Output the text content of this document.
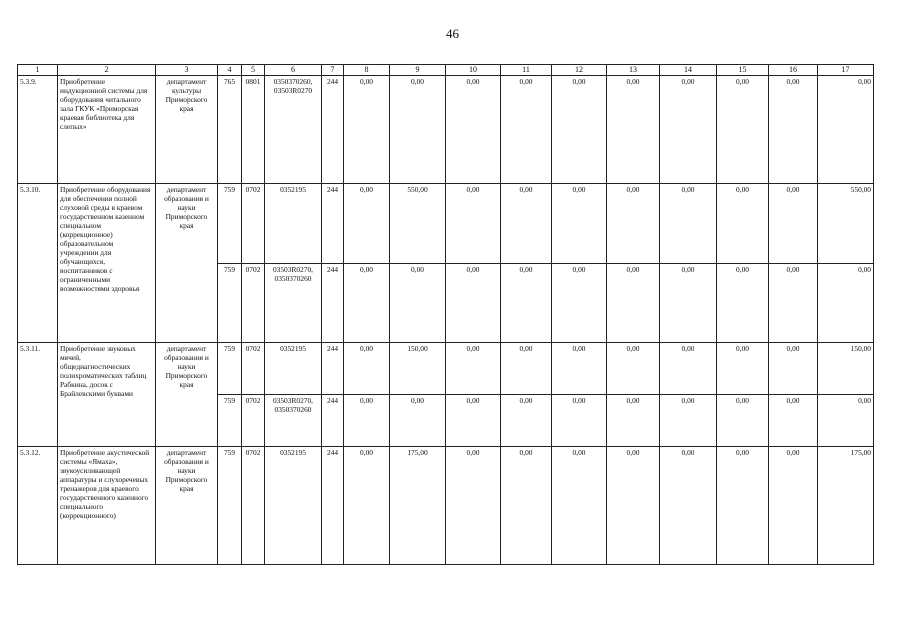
46
1	2	3	4	5	6	7	8	9	10	11	12	13	14	15	16	17
5.3.9.	Приобретение индукционной системы для оборудования читального зала ГКУК «Приморская краевая библиотека для слепых»	департамент культуры Приморского края	765	0801	0350370260, 03503R0270	244	0,00	0,00	0,00	0,00	0,00	0,00	0,00	0,00	0,00	0,00
5.3.10.	Приобретение оборудования для обеспечения полной слуховой среды в краевом государственном казенном специальном (коррекционное) образовательном учреждении для обучающихся, воспитанников с ограниченными возможностями здоровья	департамент образования и науки Приморского края	759	0702	0352195	244	0,00	550,00	0,00	0,00	0,00	0,00	0,00	0,00	0,00	550,00
			759	0702	03503R0270, 0350370260	244	0,00	0,00	0,00	0,00	0,00	0,00	0,00	0,00	0,00	0,00
5.3.11.	Приобретение звуковых мячей, общедиагностических полихроматических таблиц Рабкина, досок с Брайлевскими буквами	департамент образования и науки Приморского края	759	0702	0352195	244	0,00	150,00	0,00	0,00	0,00	0,00	0,00	0,00	0,00	150,00
			759	0702	03503R0270, 0350370260	244	0,00	0,00	0,00	0,00	0,00	0,00	0,00	0,00	0,00	0,00
5.3.12.	Приобретение акустической системы «Ямаха», звукоусиливающей аппаратуры и слухоречевых тренажеров для краевого государственного казенного специального (коррекционного)	департамент образования и науки Приморского края	759	0702	0352195	244	0,00	175,00	0,00	0,00	0,00	0,00	0,00	0,00	0,00	175,00
